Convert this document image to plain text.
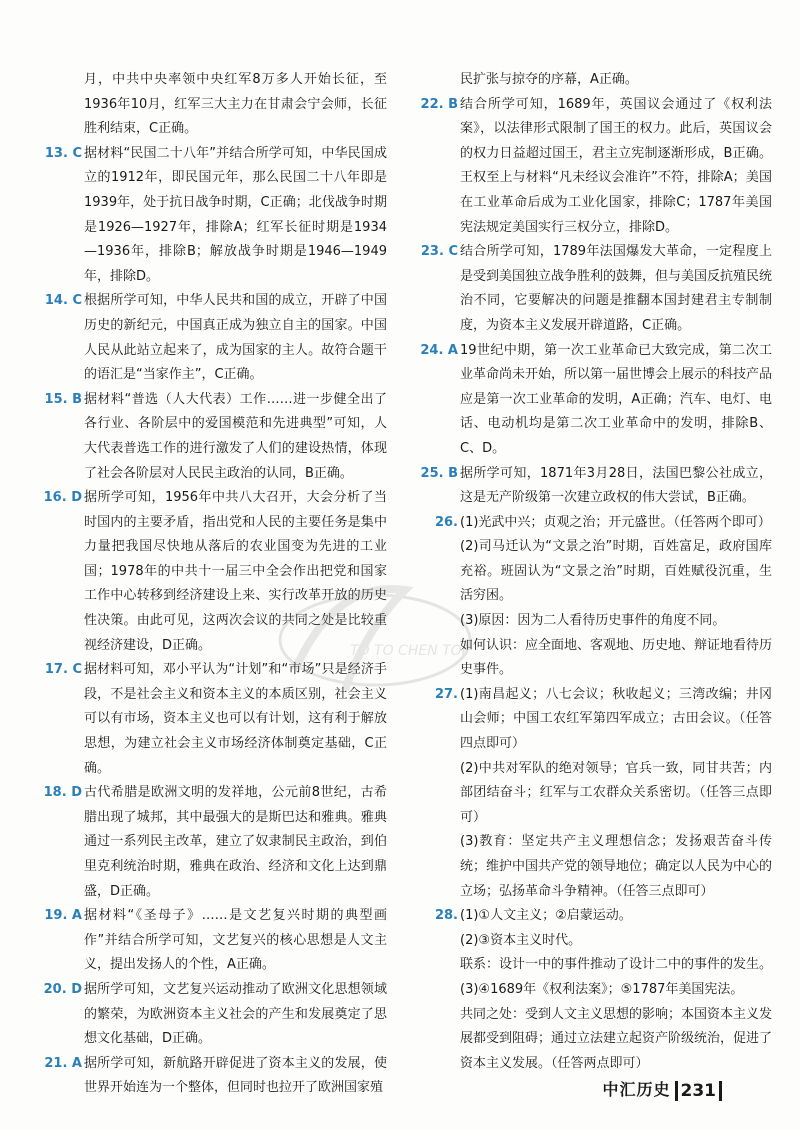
月，中共中央率领中央红军8万多人开始长征，至1936年10月，红军三大主力在甘肃会宁会师，长征胜利结束，C正确。

13. C 据材料“民国二十八年”并结合所学可知，中华民国成立的1912年，即民国元年，那么民国二十八年即是1939年，处于抗日战争时期，C正确；北伐战争时期是1926—1927年，排除A；红军长征时期是1934—1936年，排除B；解放战争时期是1946—1949年，排除D。

14. C 根据所学可知，中华人民共和国的成立，开辟了中国历史的新纪元，中国真正成为独立自主的国家。中国人民从此站立起来了，成为国家的主人。故符合题干的语汇是“当家作主”，C正确。

15. B 据材料“普选（人大代表）工作……进一步健全出了各行业、各阶层中的爱国模范和先进典型”可知，人大代表普选工作的进行激发了人们的建设热情，体现了社会各阶层对人民民主政治的认同，B正确。

16. D 据所学可知，1956年中共八大召开，大会分析了当时国内的主要矛盾，指出党和人民的主要任务是集中力量把我国尽快地从落后的农业国变为先进的工业国；1978年的中共十一届三中全会作出把党和国家工作中心转移到经济建设上来、实行改革开放的历史性决策。由此可见，这两次会议的共同之处是比较重视经济建设，D正确。

17. C 据材料可知，邓小平认为“计划”和“市场”只是经济手段，不是社会主义和资本主义的本质区别，社会主义可以有市场，资本主义也可以有计划，这有利于解放思想，为建立社会主义市场经济体制奠定基础，C正确。

18. D 古代希腊是欧洲文明的发祥地，公元前8世纪，古希腊出现了城邦，其中最强大的是斯巴达和雅典。雅典通过一系列民主改革，建立了奴隶制民主政治，到伯里克利统治时期，雅典在政治、经济和文化上达到鼎盛，D正确。

19. A 据材料“《圣母子》……是文艺复兴时期的典型画作”并结合所学可知，文艺复兴的核心思想是人文主义，提出发扬人的个性，A正确。

20. D 据所学可知，文艺复兴运动推动了欧洲文化思想领域的繁荣，为欧洲资本主义社会的产生和发展奠定了思想文化基础，D正确。

21. A 据所学可知，新航路开辟促进了资本主义的发展，使世界开始连为一个整体，但同时也拉开了欧洲国家殖

民扩张与掠夺的序幕，A正确。

22. B 结合所学可知，1689年，英国议会通过了《权利法案》，以法律形式限制了国王的权力。此后，英国议会的权力日益超过国王，君主立宪制逐渐形成，B正确。王权至上与材料“凡未经议会准许”不符，排除A；美国在工业革命后成为工业化国家，排除C；1787年美国宪法规定美国实行三权分立，排除D。

23. C 结合所学可知，1789年法国爆发大革命，一定程度上是受到美国独立战争胜利的鼓舞，但与美国反抗殖民统治不同，它要解决的问题是推翻本国封建君主专制制度，为资本主义发展开辟道路，C正确。

24. A 19世纪中期，第一次工业革命已大致完成，第二次工业革命尚未开始，所以第一届世博会上展示的科技产品应是第一次工业革命的发明，A正确；汽车、电灯、电话、电动机均是第二次工业革命中的发明，排除B、C、D。

25. B 据所学可知，1871年3月28日，法国巴黎公社成立，这是无产阶级第一次建立政权的伟大尝试，B正确。

26. (1)光武中兴；贞观之治；开元盛世。（任答两个即可）

(2)司马迁认为“文景之治”时期，百姓富足，政府国库充裕。班固认为“文景之治”时期，百姓赋役沉重，生活穷困。

(3)原因：因为二人看待历史事件的角度不同。

如何认识：应全面地、客观地、历史地、辩证地看待历史事件。

27. (1)南昌起义；八七会议；秋收起义；三湾改编；井冈山会师；中国工农红军第四军成立；古田会议。（任答四点即可）

(2)中共对军队的绝对领导；官兵一致，同甘共苦；内部团结奋斗；红军与工农群众关系密切。（任答三点即可）

(3)教育：坚定共产主义理想信念；发扬艰苦奋斗传统；维护中国共产党的领导地位；确定以人民为中心的立场；弘扬革命斗争精神。（任答三点即可）

28. (1)①人文主义；②启蒙运动。

(2)③资本主义时代。

联系：设计一中的事件推动了设计二中的事件的发生。

(3)④1689年《权利法案》；⑤1787年美国宪法。

共同之处：受到人文主义思想的影响；本国资本主义发展都受到阻碍；通过立法建立起资产阶级统治，促进了资本主义发展。（任答两点即可）

TO TO CHEN TOP
中汇历史 231
